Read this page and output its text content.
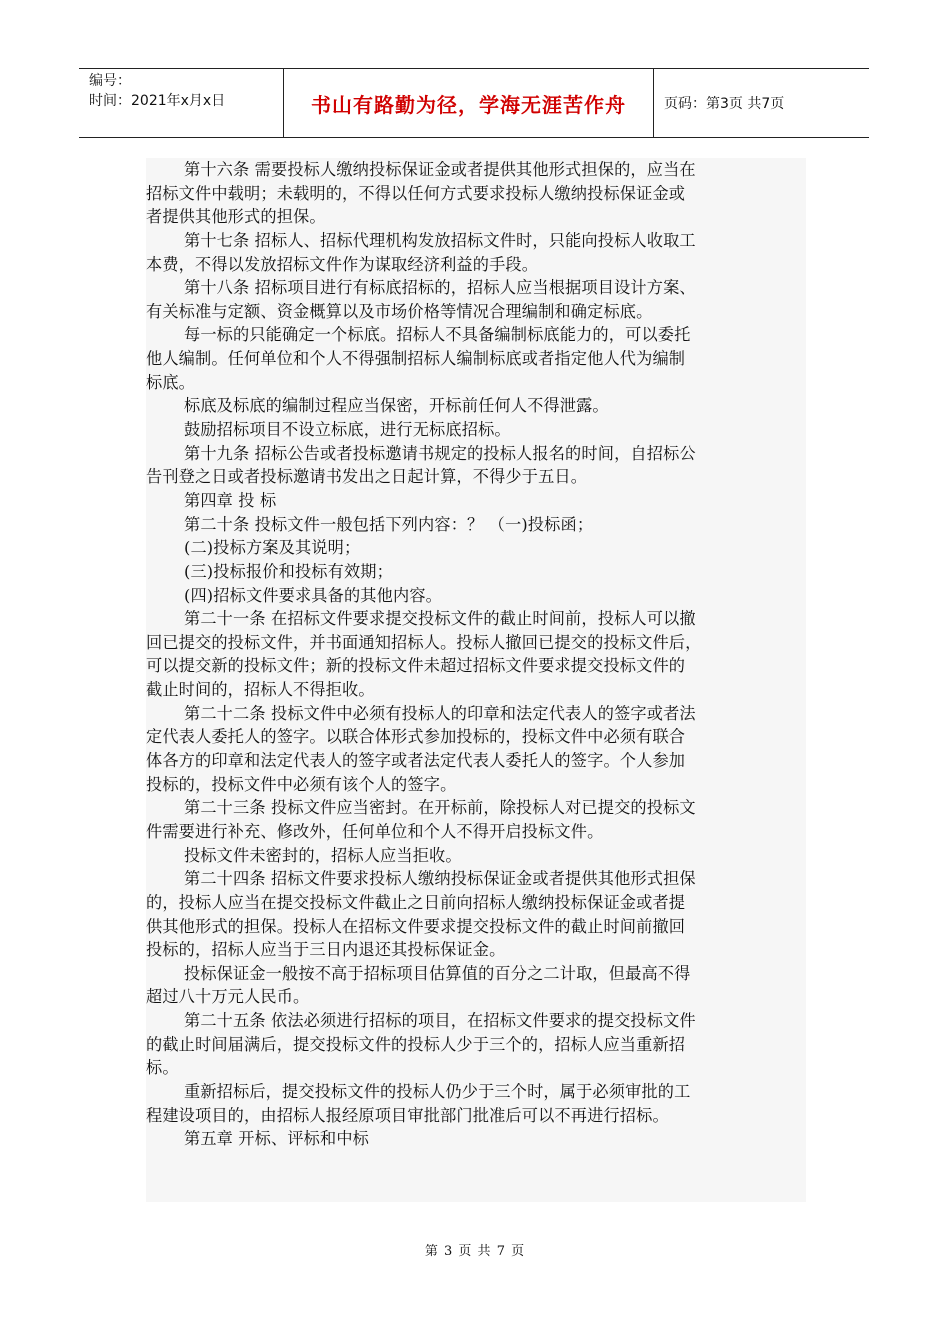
编号：
时间：2021年x月x日	书山有路勤为径，学海无涯苦作舟	页码：第3页 共7页
第十六条 需要投标人缴纳投标保证金或者提供其他形式担保的，应当在
招标文件中载明；未载明的，不得以任何方式要求投标人缴纳投标保证金或
者提供其他形式的担保。
第十七条 招标人、招标代理机构发放招标文件时，只能向投标人收取工
本费，不得以发放招标文件作为谋取经济利益的手段。
第十八条 招标项目进行有标底招标的，招标人应当根据项目设计方案、
有关标准与定额、资金概算以及市场价格等情况合理编制和确定标底。
每一标的只能确定一个标底。招标人不具备编制标底能力的，可以委托
他人编制。任何单位和个人不得强制招标人编制标底或者指定他人代为编制
标底。
标底及标底的编制过程应当保密，开标前任何人不得泄露。
鼓励招标项目不设立标底，进行无标底招标。
第十九条 招标公告或者投标邀请书规定的投标人报名的时间，自招标公
告刊登之日或者投标邀请书发出之日起计算，不得少于五日。
第四章 投 标
第二十条 投标文件一般包括下列内容：？ （一)投标函；
(二)投标方案及其说明；
(三)投标报价和投标有效期；
(四)招标文件要求具备的其他内容。
第二十一条 在招标文件要求提交投标文件的截止时间前，投标人可以撤
回已提交的投标文件，并书面通知招标人。投标人撤回已提交的投标文件后，
可以提交新的投标文件；新的投标文件未超过招标文件要求提交投标文件的
截止时间的，招标人不得拒收。
第二十二条 投标文件中必须有投标人的印章和法定代表人的签字或者法
定代表人委托人的签字。以联合体形式参加投标的，投标文件中必须有联合
体各方的印章和法定代表人的签字或者法定代表人委托人的签字。个人参加
投标的，投标文件中必须有该个人的签字。
第二十三条 投标文件应当密封。在开标前，除投标人对已提交的投标文
件需要进行补充、修改外，任何单位和个人不得开启投标文件。
投标文件未密封的，招标人应当拒收。
第二十四条 招标文件要求投标人缴纳投标保证金或者提供其他形式担保
的，投标人应当在提交投标文件截止之日前向招标人缴纳投标保证金或者提
供其他形式的担保。投标人在招标文件要求提交投标文件的截止时间前撤回
投标的，招标人应当于三日内退还其投标保证金。
投标保证金一般按不高于招标项目估算值的百分之二计取，但最高不得
超过八十万元人民币。
第二十五条 依法必须进行招标的项目，在招标文件要求的提交投标文件
的截止时间届满后，提交投标文件的投标人少于三个的，招标人应当重新招
标。
重新招标后，提交投标文件的投标人仍少于三个时，属于必须审批的工
程建设项目的，由招标人报经原项目审批部门批准后可以不再进行招标。
第五章 开标、评标和中标
第 3 页 共 7 页
